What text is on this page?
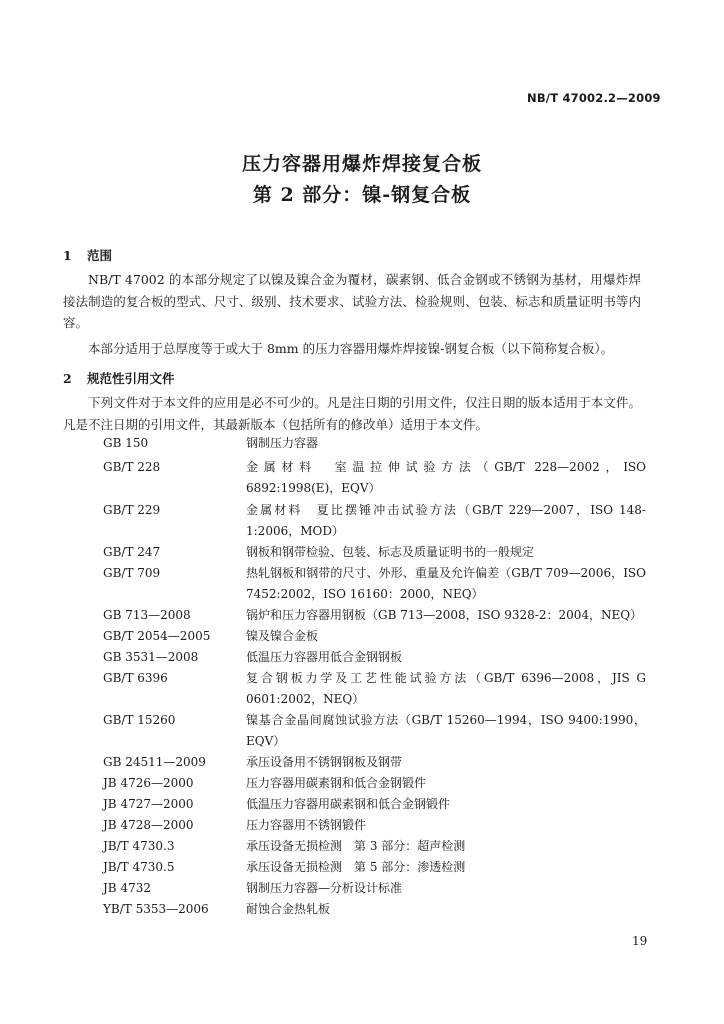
NB/T 47002.2—2009
压力容器用爆炸焊接复合板
第 2 部分：镍-钢复合板
1 范围
NB/T 47002 的本部分规定了以镍及镍合金为覆材，碳素钢、低合金钢或不锈钢为基材，用爆炸焊接法制造的复合板的型式、尺寸、级别、技术要求、试验方法、检验规则、包装、标志和质量证明书等内容。
本部分适用于总厚度等于或大于 8mm 的压力容器用爆炸焊接镍-钢复合板（以下简称复合板）。
2 规范性引用文件
下列文件对于本文件的应用是必不可少的。凡是注日期的引用文件，仅注日期的版本适用于本文件。凡是不注日期的引用文件，其最新版本（包括所有的修改单）适用于本文件。
GB 150	钢制压力容器
GB/T 228	金属材料　室温拉伸试验方法（GB/T 228—2002，ISO 6892:1998(E)，EQV）
GB/T 229	金属材料　夏比摆锤冲击试验方法（GB/T 229—2007，ISO 148-1:2006，MOD）
GB/T 247	钢板和钢带检验、包装、标志及质量证明书的一般规定
GB/T 709	热轧钢板和钢带的尺寸、外形、重量及允许偏差（GB/T 709—2006，ISO 7452:2002，ISO 16160：2000，NEQ）
GB 713—2008	锅炉和压力容器用钢板（GB 713—2008，ISO 9328-2：2004，NEQ）
GB/T 2054—2005	镍及镍合金板
GB 3531—2008	低温压力容器用低合金钢钢板
GB/T 6396	复合钢板力学及工艺性能试验方法（GB/T 6396—2008，JIS G 0601:2002，NEQ）
GB/T 15260	镍基合金晶间腐蚀试验方法（GB/T 15260—1994，ISO 9400:1990，EQV）
GB 24511—2009	承压设备用不锈钢钢板及钢带
JB 4726—2000	压力容器用碳素钢和低合金钢锻件
JB 4727—2000	低温压力容器用碳素钢和低合金钢锻件
JB 4728—2000	压力容器用不锈钢锻件
JB/T 4730.3	承压设备无损检测　第 3 部分：超声检测
JB/T 4730.5	承压设备无损检测　第 5 部分：渗透检测
JB 4732	钢制压力容器—分析设计标准
YB/T 5353—2006	耐蚀合金热轧板
19
